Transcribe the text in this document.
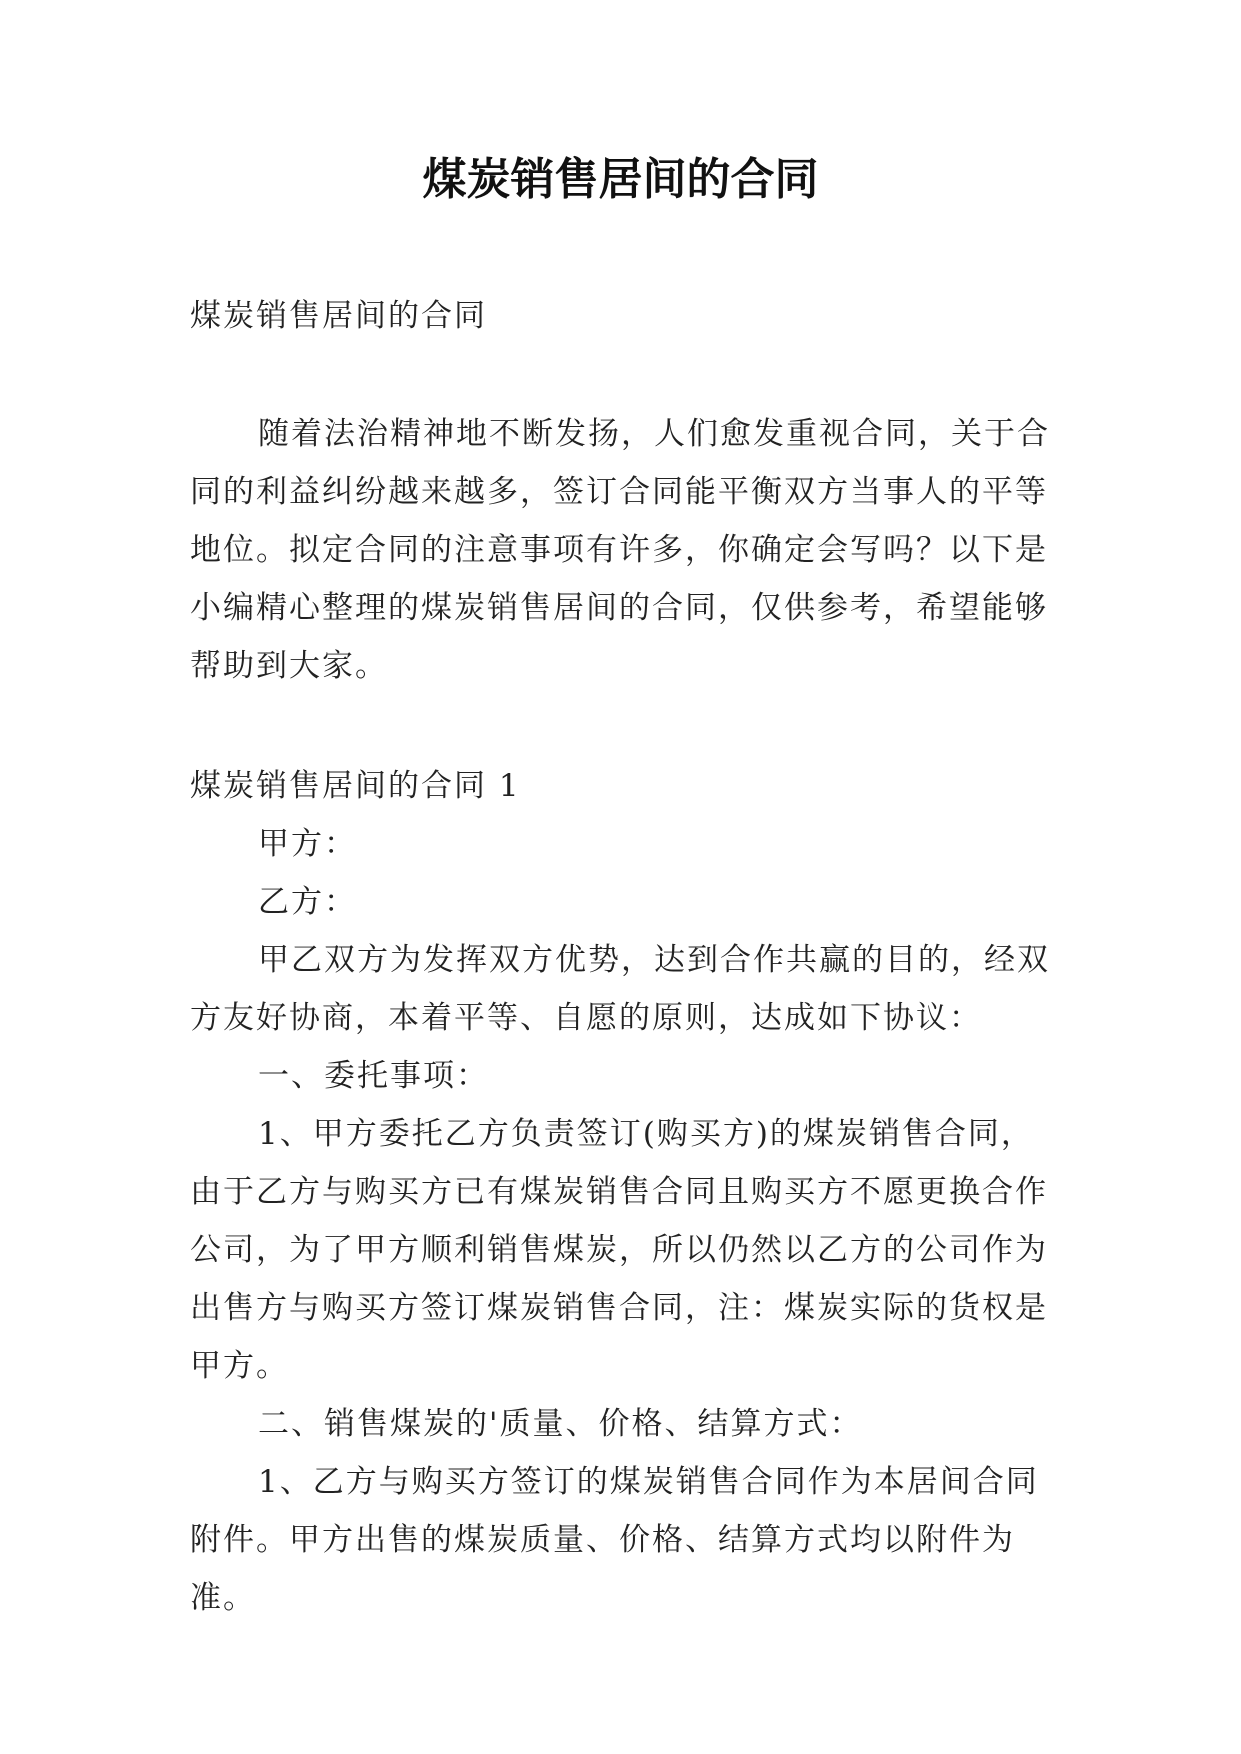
煤炭销售居间的合同
煤炭销售居间的合同

随着法治精神地不断发扬，人们愈发重视合同，关于合同的利益纠纷越来越多，签订合同能平衡双方当事人的平等地位。拟定合同的注意事项有许多，你确定会写吗？以下是小编精心整理的煤炭销售居间的合同，仅供参考，希望能够帮助到大家。

煤炭销售居间的合同 1

甲方：

乙方：

甲乙双方为发挥双方优势，达到合作共赢的目的，经双方友好协商，本着平等、自愿的原则，达成如下协议：

一、委托事项：

1、甲方委托乙方负责签订(购买方)的煤炭销售合同，由于乙方与购买方已有煤炭销售合同且购买方不愿更换合作公司，为了甲方顺利销售煤炭，所以仍然以乙方的公司作为出售方与购买方签订煤炭销售合同，注：煤炭实际的货权是甲方。

二、销售煤炭的'质量、价格、结算方式：

1、乙方与购买方签订的煤炭销售合同作为本居间合同附件。甲方出售的煤炭质量、价格、结算方式均以附件为准。
